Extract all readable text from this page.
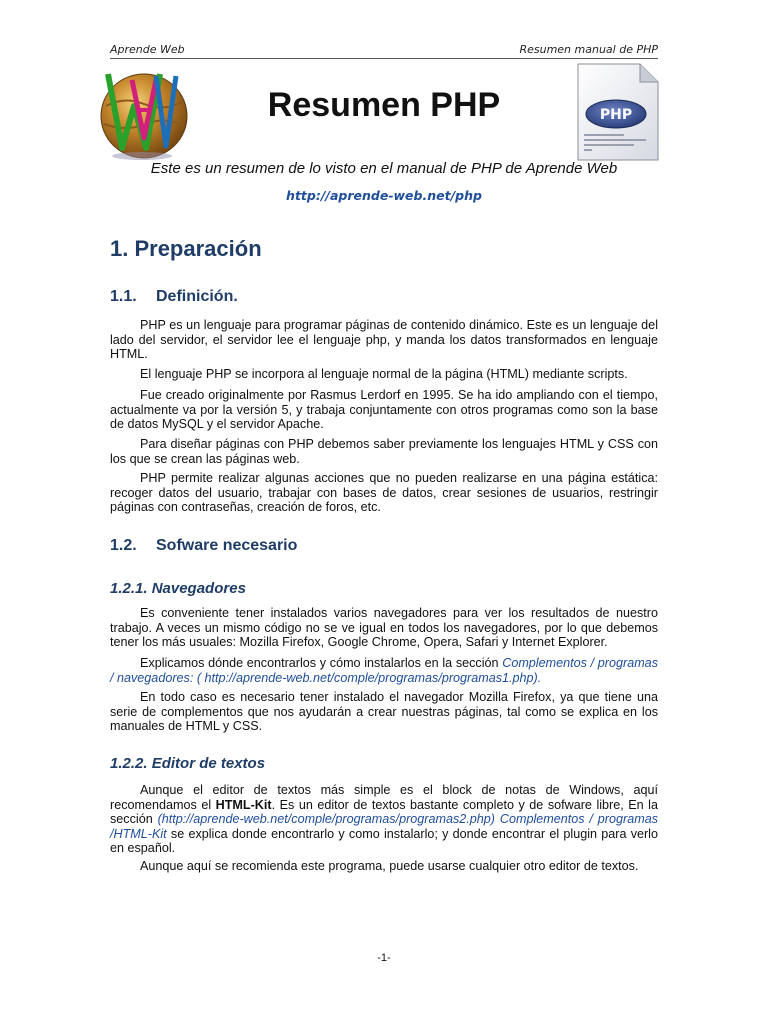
Aprende Web	Resumen manual de PHP
PHP
Resumen PHP
Este es un resumen de lo visto en el manual de PHP de Aprende Web
http://aprende-web.net/php
1. Preparación
1.1. Definición.
PHP es un lenguaje para programar páginas de contenido dinámico. Este es un lenguaje del lado del servidor, el servidor lee el lenguaje php, y manda los datos transformados en lenguaje HTML.
El lenguaje PHP se incorpora al lenguaje normal de la página (HTML) mediante scripts.
Fue creado originalmente por Rasmus Lerdorf en 1995. Se ha ido ampliando con el tiempo, actualmente va por la versión 5, y trabaja conjuntamente con otros programas como son la base de datos MySQL y el servidor Apache.
Para diseñar páginas con PHP debemos saber previamente los lenguajes HTML y CSS con los que se crean las páginas web.
PHP permite realizar algunas acciones que no pueden realizarse en una página estática: recoger datos del usuario, trabajar con bases de datos, crear sesiones de usuarios, restringir páginas con contraseñas, creación de foros, etc.
1.2. Sofware necesario
1.2.1. Navegadores
Es conveniente tener instalados varios navegadores para ver los resultados de nuestro trabajo. A veces un mismo código no se ve igual en todos los navegadores, por lo que debemos tener los más usuales: Mozilla Firefox, Google Chrome, Opera, Safari y Internet Explorer.
Explicamos dónde encontrarlos y cómo instalarlos en la sección Complementos / programas / navegadores: ( http://aprende-web.net/comple/programas/programas1.php).
En todo caso es necesario tener instalado el navegador Mozilla Firefox, ya que tiene una serie de complementos que nos ayudarán a crear nuestras páginas, tal como se explica en los manuales de HTML y CSS.
1.2.2. Editor de textos
Aunque el editor de textos más simple es el block de notas de Windows, aquí recomendamos el HTML-Kit. Es un editor de textos bastante completo y de sofware libre, En la sección (http://aprende-web.net/comple/programas/programas2.php) Complementos / programas /HTML-Kit se explica donde encontrarlo y como instalarlo; y donde encontrar el plugin para verlo en español.
Aunque aquí se recomienda este programa, puede usarse cualquier otro editor de textos.
-1-
